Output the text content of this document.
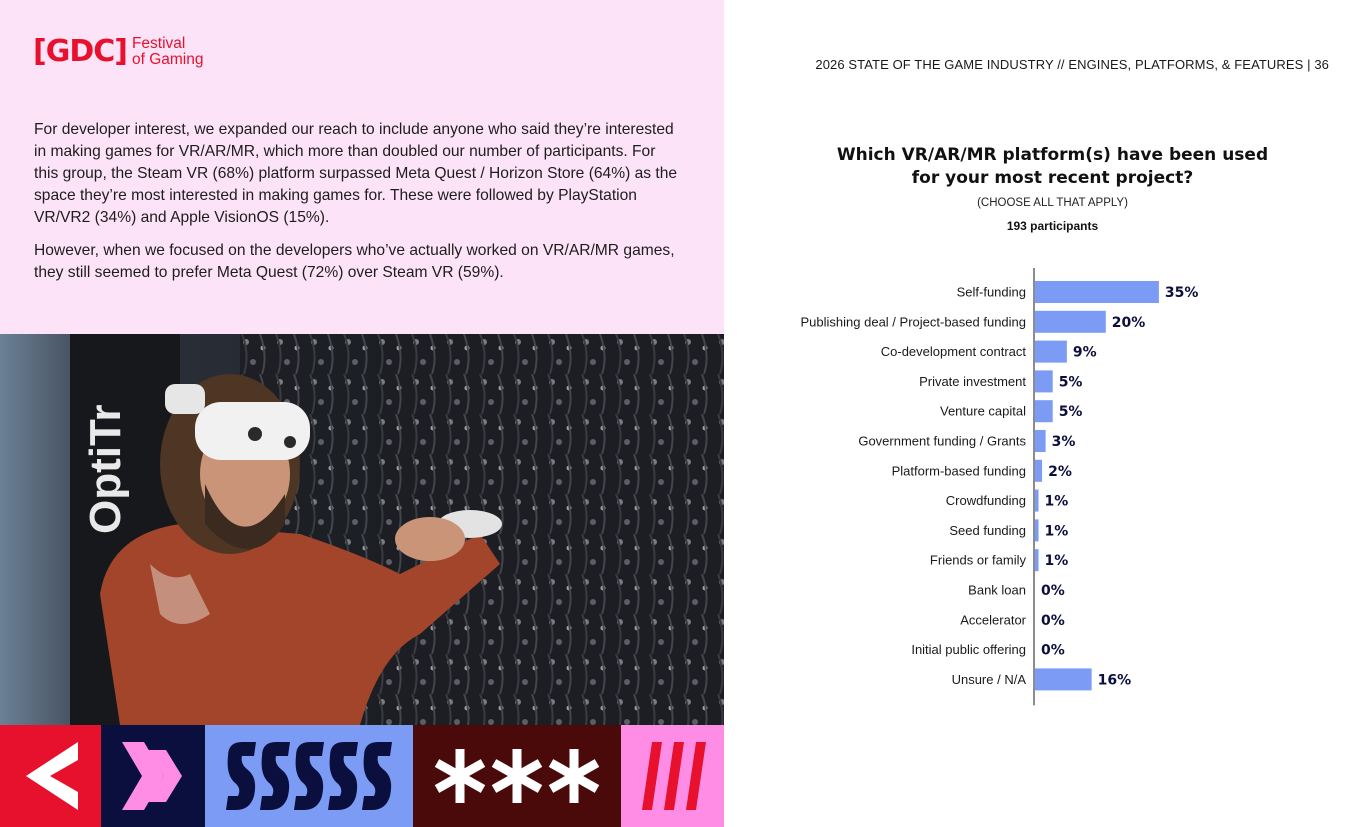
[GDC] Festival
of Gaming

For developer interest, we expanded our reach to include anyone who said they’re interested in making games for VR/AR/MR, which more than doubled our number of participants. For this group, the Steam VR (68%) platform surpassed Meta Quest / Horizon Store (64%) as the space they’re most interested in making games for. These were followed by PlayStation VR/VR2 (34%) and Apple VisionOS (15%).

However, when we focused on the developers who’ve actually worked on VR/AR/MR games, they still seemed to prefer Meta Quest (72%) over Steam VR (59%).

OptiTr
2026 STATE OF THE GAME INDUSTRY // ENGINES, PLATFORMS, & FEATURES | 36
Which VR/AR/MR platform(s) have been used
for your most recent project?
(CHOOSE ALL THAT APPLY)
193 participants
Self-funding	35%
Publishing deal / Project-based funding	20%
Co-development contract	9%
Private investment 5%
Venture capital 5%
Government funding / Grants 3%
Platform-based funding 2%
Crowdfunding 1%
Seed funding 1%
Friends or family 1%
Bank loan 0%
Accelerator 0%
Initial public offering 0%
Unsure / N/A	16%
